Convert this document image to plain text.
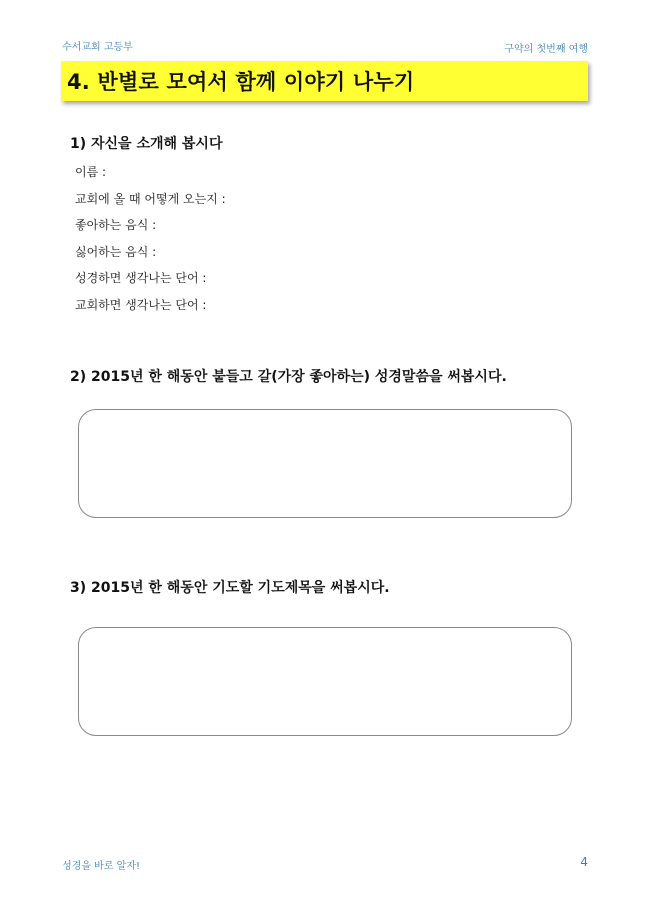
수서교회 고등부	구약의 첫번째 여행
4. 반별로 모여서 함께 이야기 나누기
1) 자신을 소개해 봅시다
이름 :
교회에 올 때 어떻게 오는지 :
좋아하는 음식 :
싫어하는 음식 :
성경하면 생각나는 단어 :
교회하면 생각나는 단어 :
2) 2015년 한 해동안 붙들고 갈(가장 좋아하는) 성경말씀을 써봅시다.
3) 2015년 한 해동안 기도할 기도제목을 써봅시다.
성경을 바로 알자!	4
